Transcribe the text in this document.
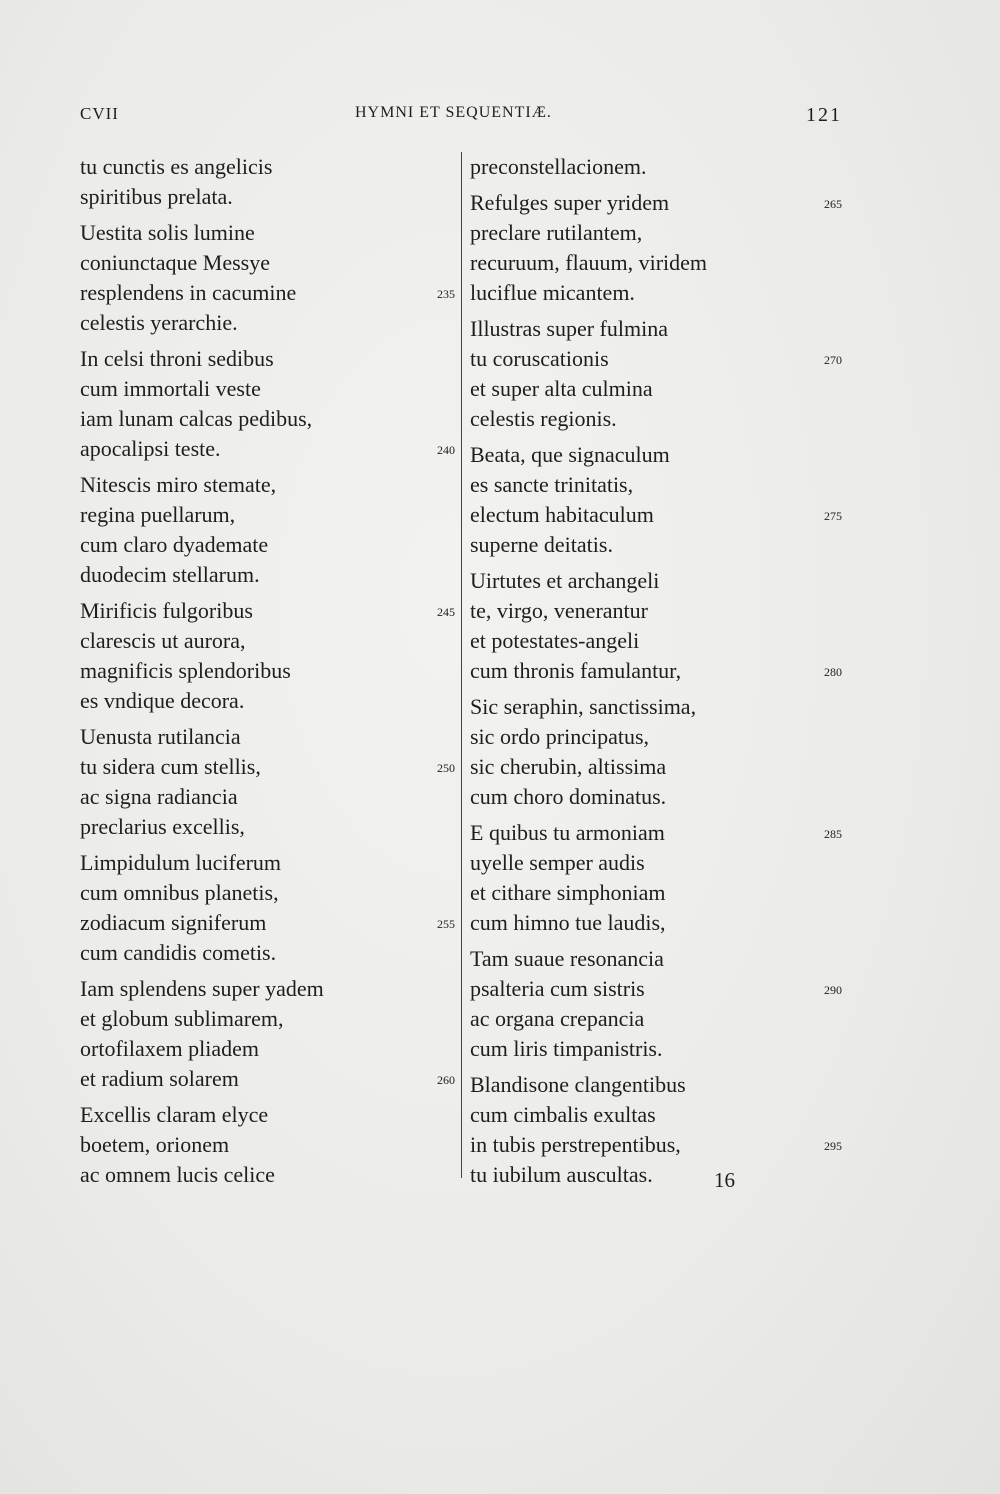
CVII	HYMNI ET SEQUENTIÆ.	121
tu cunctis es angelicis
spiritibus prelata.
Uestita solis lumine
coniunctaque Messye
resplendens in cacumine	235
celestis yerarchie.
In celsi throni sedibus
cum immortali veste
iam lunam calcas pedibus,
apocalipsi teste.	240
Nitescis miro stemate,
regina puellarum,
cum claro dyademate
duodecim stellarum.
Mirificis fulgoribus	245
clarescis ut aurora,
magnificis splendoribus
es vndique decora.
Uenusta rutilancia
tu sidera cum stellis,	250
ac signa radiancia
preclarius excellis,
Limpidulum luciferum
cum omnibus planetis,
zodiacum signiferum	255
cum candidis cometis.
Iam splendens super yadem
et globum sublimarem,
ortofilaxem pliadem
et radium solarem	260
Excellis claram elyce
boetem, orionem
ac omnem lucis celice
preconstellacionem.
Refulges super yridem	265
preclare rutilantem,
recuruum, flauum, viridem
luciflue micantem.
Illustras super fulmina
tu coruscationis	270
et super alta culmina
celestis regionis.
Beata, que signaculum
es sancte trinitatis,
electum habitaculum	275
superne deitatis.
Uirtutes et archangeli
te, virgo, venerantur
et potestates-angeli
cum thronis famulantur,	280
Sic seraphin, sanctissima,
sic ordo principatus,
sic cherubin, altissima
cum choro dominatus.
E quibus tu armoniam	285
uyelle semper audis
et cithare simphoniam
cum himno tue laudis,
Tam suaue resonancia
psalteria cum sistris	290
ac organa crepancia
cum liris timpanistris.
Blandisone clangentibus
cum cimbalis exultas
in tubis perstrepentibus,	295
tu iubilum auscultas.	16
